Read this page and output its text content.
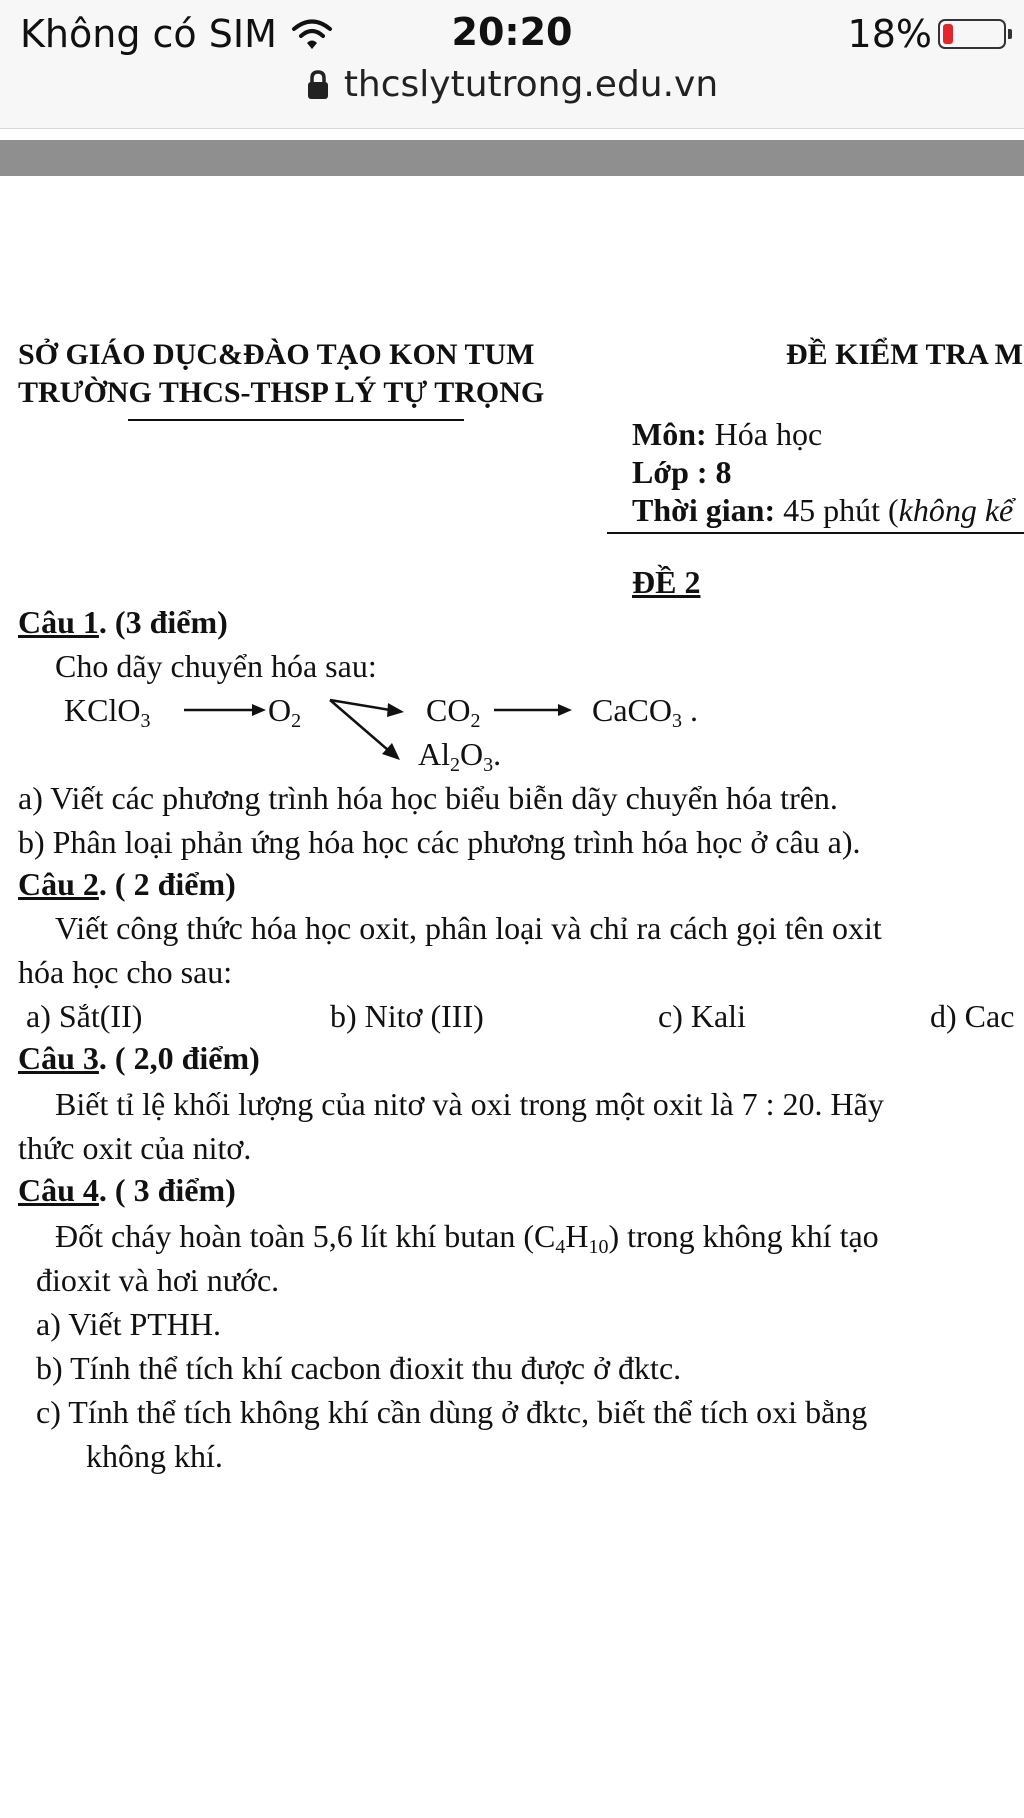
Không có SIM	20:20	18%
thcslytutrong.edu.vn
SỞ GIÁO DỤC&ĐÀO TẠO KON TUM
TRƯỜNG THCS-THSP LÝ TỰ TRỌNG
ĐỀ KIỂM TRA M
Môn: Hóa học
Lớp : 8
Thời gian: 45 phút (không kể
ĐỀ 2
Câu 1. (3 điểm)
Cho dãy chuyển hóa sau:
KClO$_3$	$O_2$	$CO_2$	CaCO$_3$ .
$Al_2O_3$.
a) Viết các phương trình hóa học biểu biễn dãy chuyển hóa trên.
b) Phân loại phản ứng hóa học các phương trình hóa học ở câu a).
Câu 2. ( 2 điểm)
Viết công thức hóa học oxit, phân loại và chỉ ra cách gọi tên oxit
hóa học cho sau:
a) Sắt(II)	b) Nitơ (III)	c) Kali	d) Cac
Câu 3. ( 2,0 điểm)
Biết tỉ lệ khối lượng của nitơ và oxi trong một oxit là 7 : 20. Hãy
thức oxit của nitơ.
Câu 4. ( 3 điểm)
Đốt cháy hoàn toàn 5,6 lít khí butan $(C_4H_{10})$ trong không khí tạo
đioxit và hơi nước.
a) Viết PTHH.
b) Tính thể tích khí cacbon đioxit thu được ở đktc.
c) Tính thể tích không khí cần dùng ở đktc, biết thể tích oxi bằng
không khí.
